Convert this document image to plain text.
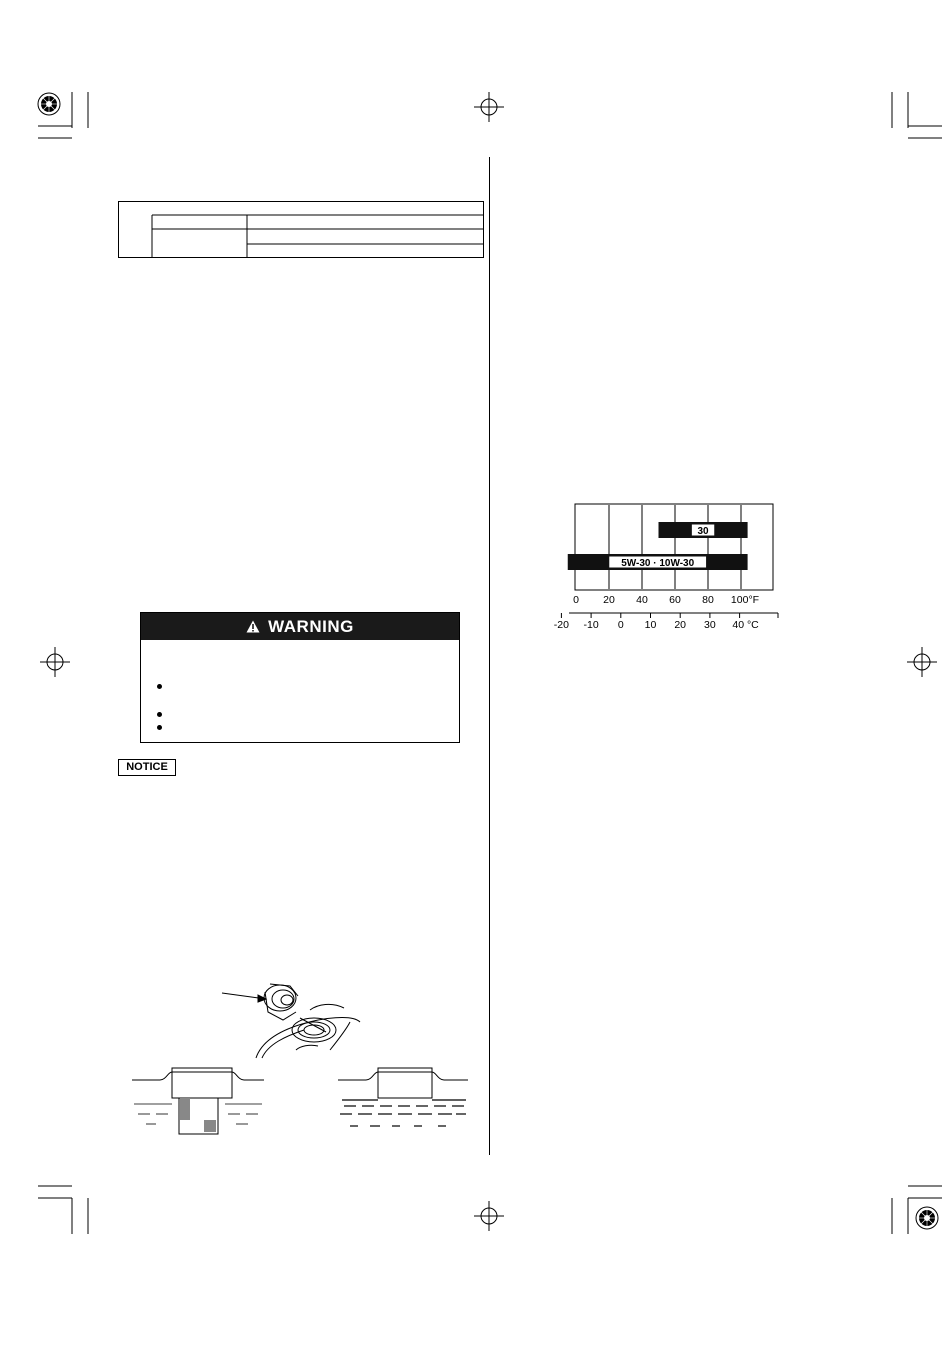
WARNING
NOTICE
30
5W-30 · 10W-30
0 20 40 60 80 100°F
-20 -10 0 10 20 30 40 °C
